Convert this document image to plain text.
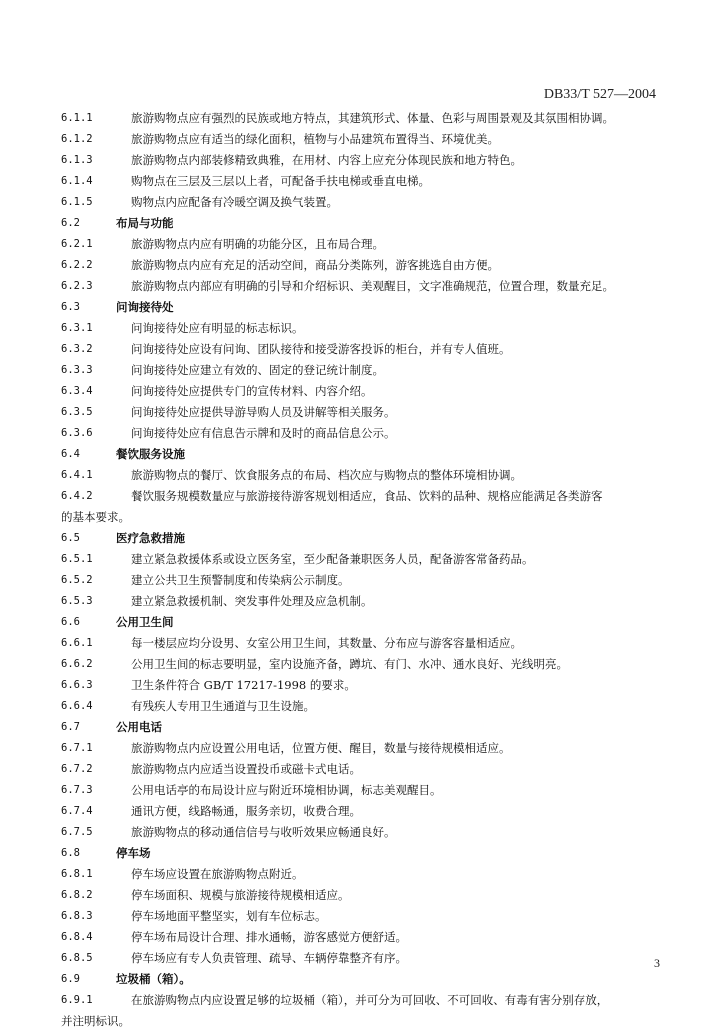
DB33/T 527—2004
6.1.1	旅游购物点应有强烈的民族或地方特点，其建筑形式、体量、色彩与周围景观及其氛围相协调。
6.1.2	旅游购物点应有适当的绿化面积，植物与小品建筑布置得当、环境优美。
6.1.3	旅游购物点内部装修精致典雅，在用材、内容上应充分体现民族和地方特色。
6.1.4	购物点在三层及三层以上者，可配备手扶电梯或垂直电梯。
6.1.5	购物点内应配备有冷暖空调及换气装置。
6.2	布局与功能
6.2.1	旅游购物点内应有明确的功能分区，且布局合理。
6.2.2	旅游购物点内应有充足的活动空间，商品分类陈列，游客挑选自由方便。
6.2.3	旅游购物点内部应有明确的引导和介绍标识、美观醒目，文字准确规范，位置合理，数量充足。
6.3	问询接待处
6.3.1	问询接待处应有明显的标志标识。
6.3.2	问询接待处应设有问询、团队接待和接受游客投诉的柜台，并有专人值班。
6.3.3	问询接待处应建立有效的、固定的登记统计制度。
6.3.4	问询接待处应提供专门的宣传材料、内容介绍。
6.3.5	问询接待处应提供导游导购人员及讲解等相关服务。
6.3.6	问询接待处应有信息告示牌和及时的商品信息公示。
6.4	餐饮服务设施
6.4.1	旅游购物点的餐厅、饮食服务点的布局、档次应与购物点的整体环境相协调。
6.4.2	餐饮服务规模数量应与旅游接待游客规划相适应，食品、饮料的品种、规格应能满足各类游客
的基本要求。
6.5	医疗急救措施
6.5.1	建立紧急救援体系或设立医务室，至少配备兼职医务人员，配备游客常备药品。
6.5.2	建立公共卫生预警制度和传染病公示制度。
6.5.3	建立紧急救援机制、突发事件处理及应急机制。
6.6	公用卫生间
6.6.1	每一楼层应均分设男、女室公用卫生间，其数量、分布应与游客容量相适应。
6.6.2	公用卫生间的标志要明显，室内设施齐备，蹲坑、有门、水冲、通水良好、光线明亮。
6.6.3	卫生条件符合 GB/T 17217-1998 的要求。
6.6.4	有残疾人专用卫生通道与卫生设施。
6.7	公用电话
6.7.1	旅游购物点内应设置公用电话，位置方便、醒目，数量与接待规模相适应。
6.7.2	旅游购物点内应适当设置投币或磁卡式电话。
6.7.3	公用电话亭的布局设计应与附近环境相协调，标志美观醒目。
6.7.4	通讯方便，线路畅通，服务亲切，收费合理。
6.7.5	旅游购物点的移动通信信号与收听效果应畅通良好。
6.8	停车场
6.8.1	停车场应设置在旅游购物点附近。
6.8.2	停车场面积、规模与旅游接待规模相适应。
6.8.3	停车场地面平整坚实，划有车位标志。
6.8.4	停车场布局设计合理、排水通畅，游客感觉方便舒适。
6.8.5	停车场应有专人负责管理、疏导、车辆停靠整齐有序。
6.9	垃圾桶（箱）。
6.9.1	在旅游购物点内应设置足够的垃圾桶（箱），并可分为可回收、不可回收、有毒有害分别存放，
并注明标识。
3
